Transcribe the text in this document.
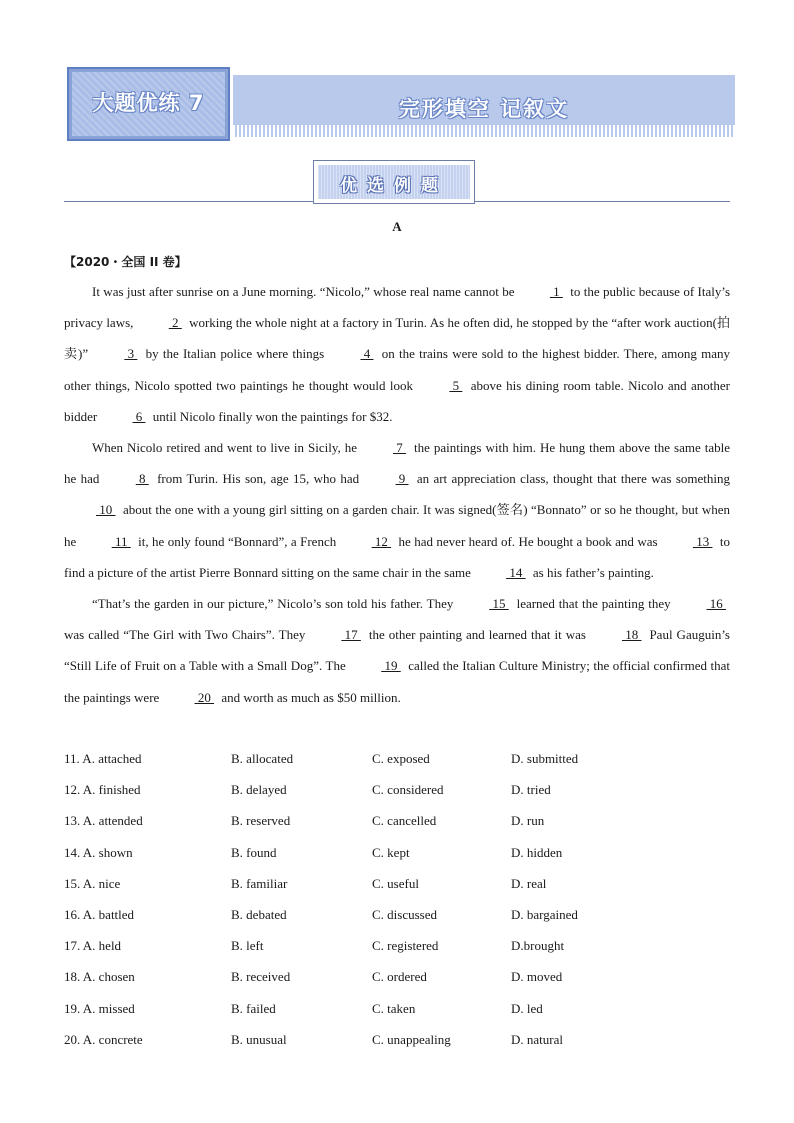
完形填空 记叙文
大题优练 7
优选例题
A
【2020・全国 II 卷】

It was just after sunrise on a June morning. “Nicolo,” whose real name cannot be  1  to the public because of Italy’s privacy laws,  2  working the whole night at a factory in Turin. As he often did, he stopped by the “after work auction(拍卖)”  3  by the Italian police where things  4  on the trains were sold to the highest bidder. There, among many other things, Nicolo spotted two paintings he thought would look  5  above his dining room table. Nicolo and another bidder  6  until Nicolo finally won the paintings for $32.

When Nicolo retired and went to live in Sicily, he  7  the paintings with him. He hung them above the same table he had  8  from Turin. His son, age 15, who had  9  an art appreciation class, thought that there was something  10  about the one with a young girl sitting on a garden chair. It was signed(签名) “Bonnato” or so he thought, but when he  11  it, he only found “Bonnard”, a French  12  he had never heard of. He bought a book and was  13  to find a picture of the artist Pierre Bonnard sitting on the same chair in the same  14  as his father’s painting.

“That’s the garden in our picture,” Nicolo’s son told his father. They  15  learned that the painting they  16  was called “The Girl with Two Chairs”. They  17  the other painting and learned that it was  18  Paul Gauguin’s “Still Life of Fruit on a Table with a Small Dog”. The  19  called the Italian Culture Ministry; the official confirmed that the paintings were  20  and worth as much as $50 million.

11. A. attached	B. allocated	C. exposed	D. submitted
12. A. finished	B. delayed	C. considered	D. tried
13. A. attended	B. reserved	C. cancelled	D. run
14. A. shown	B. found	C. kept	D. hidden
15. A. nice	B. familiar	C. useful	D. real
16. A. battled	B. debated	C. discussed	D. bargained
17. A. held	B. left	C. registered	D.brought
18. A. chosen	B. received	C. ordered	D. moved
19. A. missed	B. failed	C. taken	D. led
20. A. concrete	B. unusual	C. unappealing	D. natural
